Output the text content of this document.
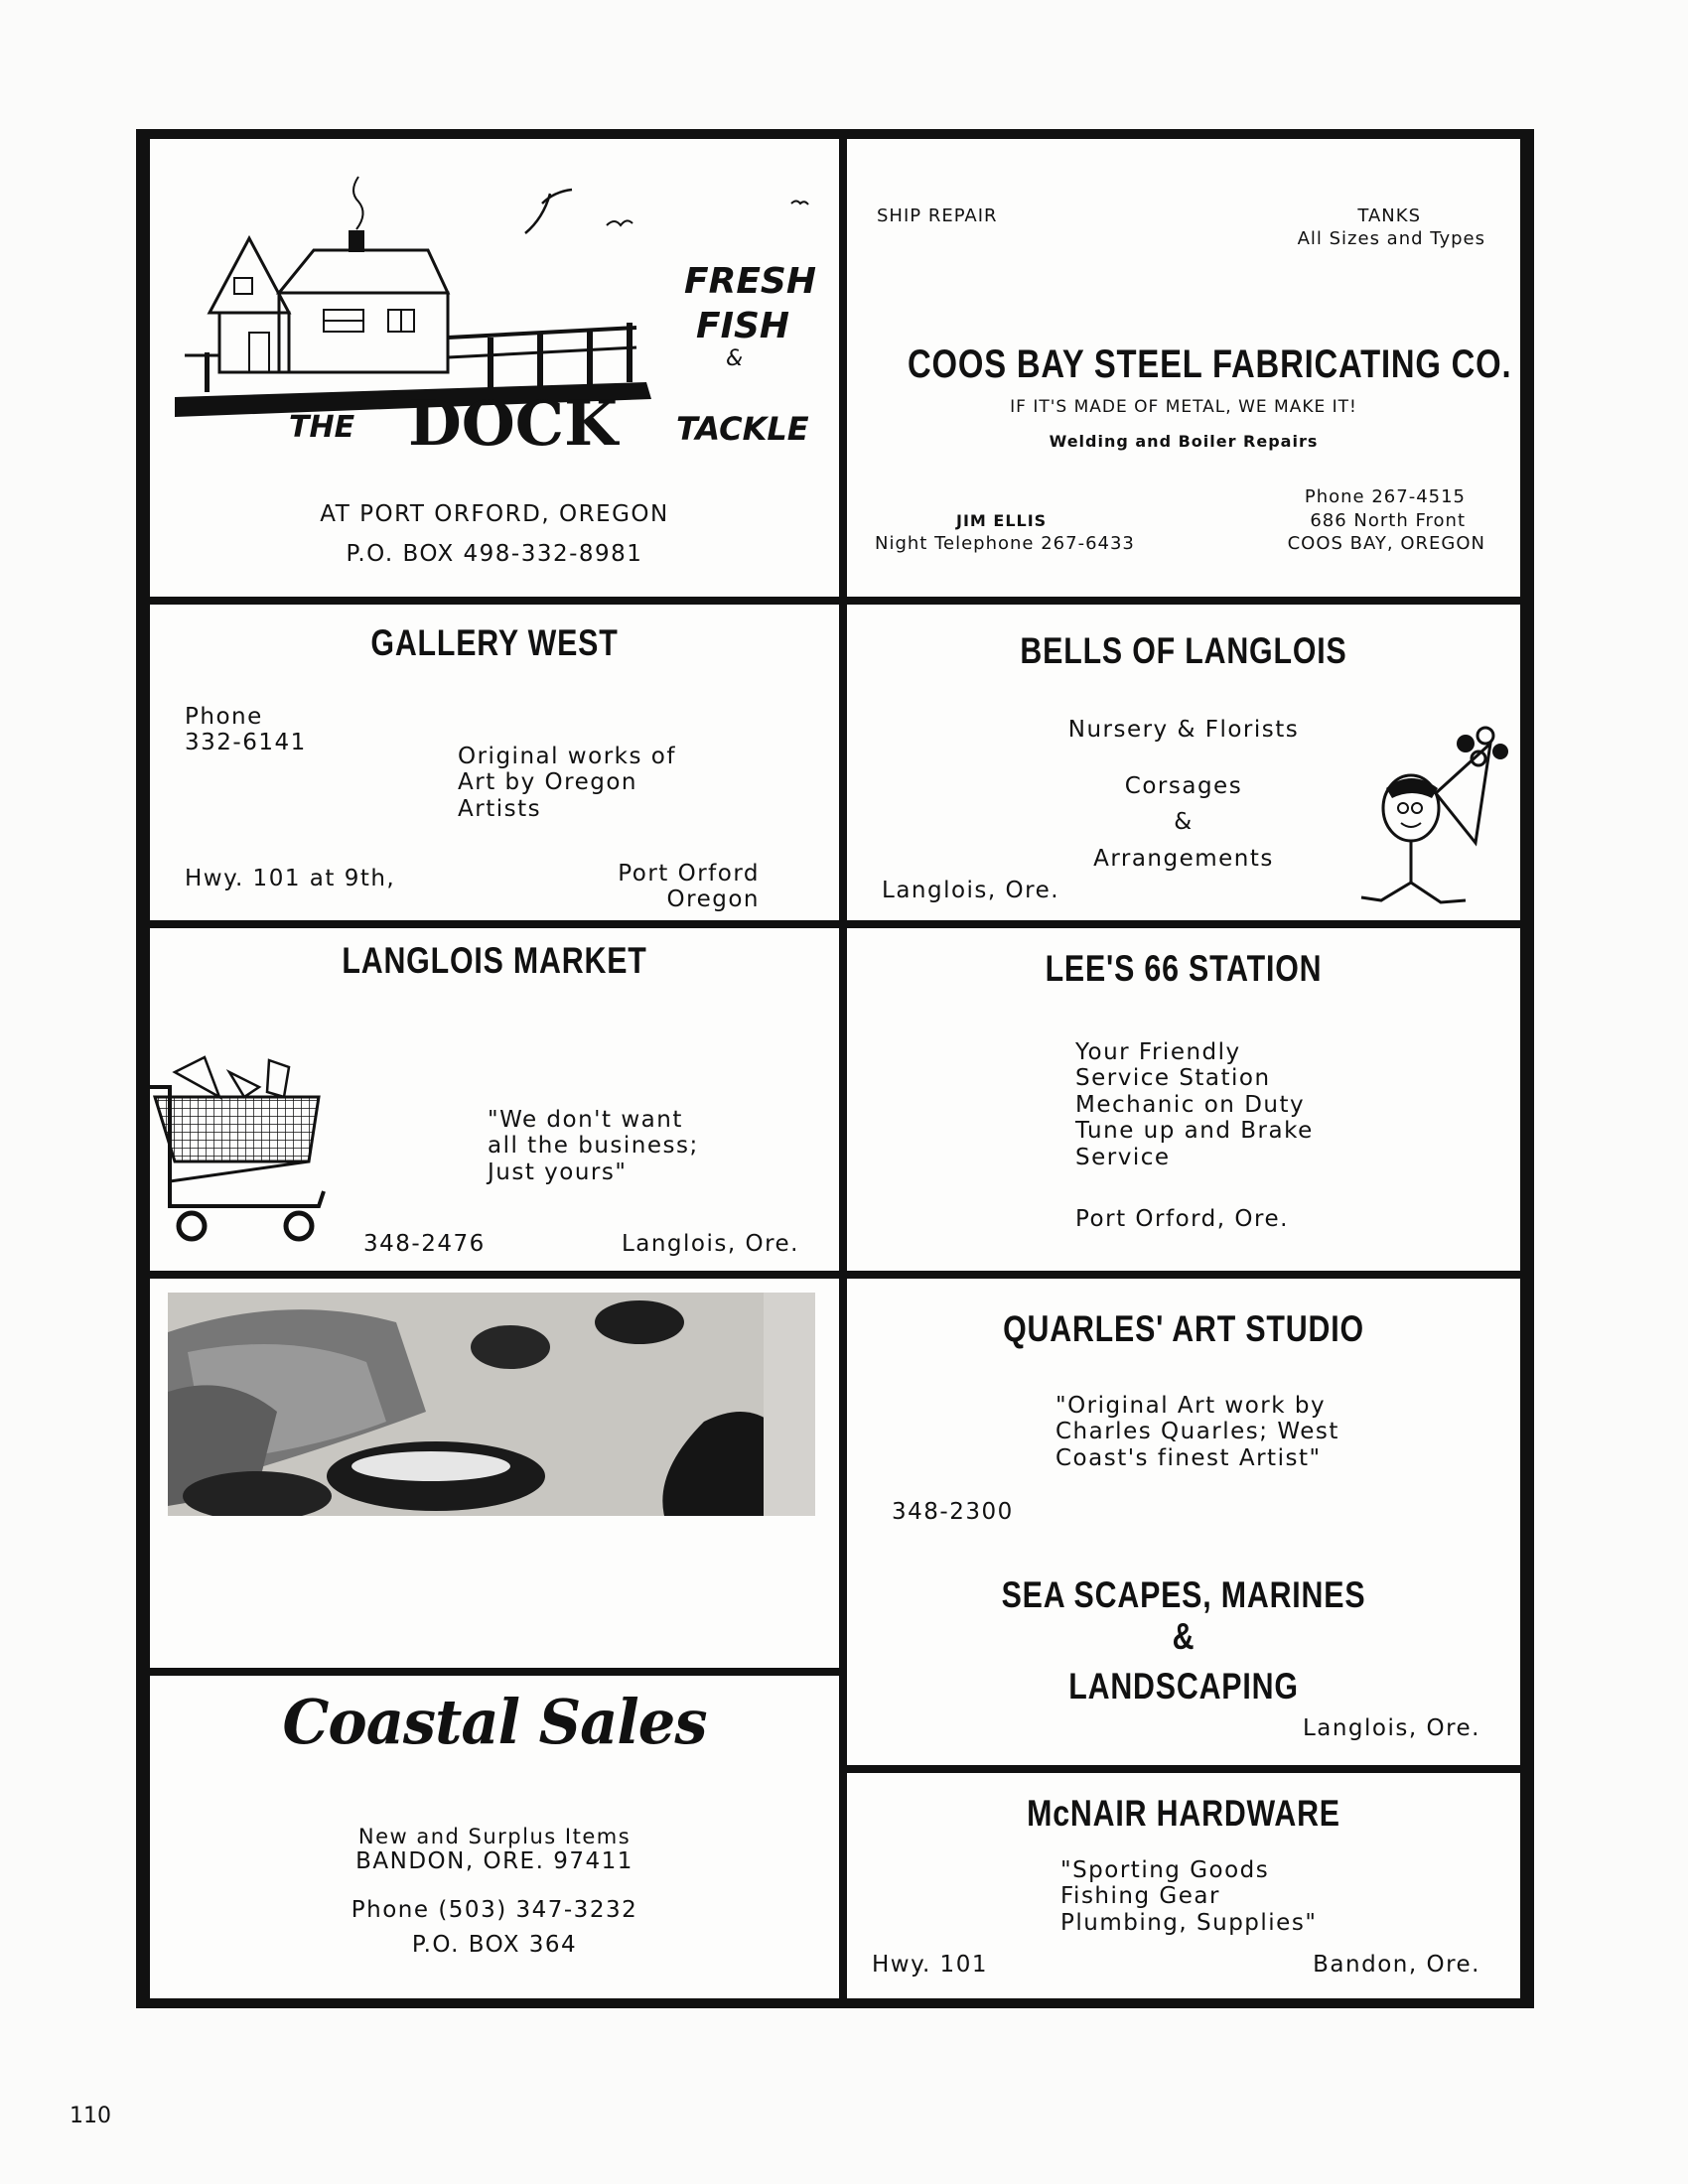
FRESH
FISH
&
THE DOCK TACKLE

AT PORT ORFORD, OREGON

P.O. BOX 498-332-8981

SHIP REPAIR	TANKS

All Sizes and Types

COOS BAY STEEL FABRICATING CO.

IF IT'S MADE OF METAL, WE MAKE IT!

Welding and Boiler Repairs

JIM ELLIS

Night Telephone 267-6433

Phone 267-4515

686 North Front

COOS BAY, OREGON

GALLERY WEST

Phone

332-6141

Original works of
Art by Oregon
Artists

Hwy. 101 at 9th,	Port Orford
Oregon

BELLS OF LANGLOIS

Nursery & Florists

Corsages

&

Arrangements

Langlois, Ore.

LANGLOIS MARKET

"We don't want
all the business;
Just yours"

348-2476	Langlois, Ore.

LEE'S 66 STATION

Your Friendly
Service Station
Mechanic on Duty
Tune up and Brake
Service

Port Orford, Ore.

Coastal Sales

New and Surplus Items

P.O. BOX 364

QUARLES' ART STUDIO

"Original Art work by
Charles Quarles; West
Coast's finest Artist"

348-2300

SEA SCAPES, MARINES

&

LANDSCAPING

Langlois, Ore.

McNAIR HARDWARE

"Sporting Goods
Fishing Gear
Plumbing, Supplies"

Hwy. 101	Bandon, Ore.

BANDON, ORE. 97411

Phone (503) 347-3232

110
